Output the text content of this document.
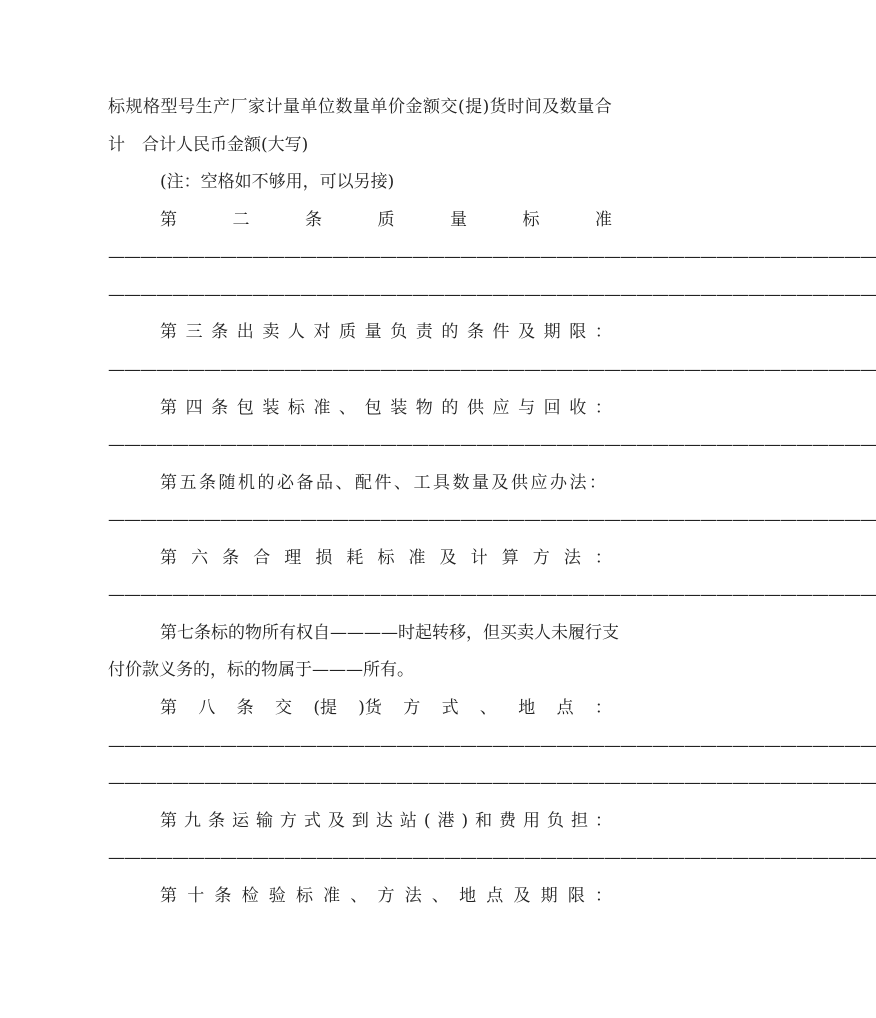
标 规 格 型 号 生 产 厂 家 计 量 单 位 数 量 单 价 金 额 交 ( 提 ) 货 时 间 及 数 量 合
计　合计人民币金额(大写)
(注：空格如不够用，可以另接)
第	二	条	质	量	标	准
————————————————————————————————————————————————
————————————————————————————————————————————————
第 三 条 出 卖 人 对 质 量 负 责 的 条 件 及 期 限 ：
————————————————————————————————————————————————
第 四 条 包 装 标 准 、 包 装 物 的 供 应 与 回 收 ：
————————————————————————————————————————————————
第 五 条 随 机 的 必 备 品 、 配 件 、 工 具 数 量 及 供 应 办 法 ：
————————————————————————————————————————————————
第 六 条 合 理 损 耗 标 准 及 计 算 方 法 ：
————————————————————————————————————————————————
第七条标的物所有权自————时起转移，但买卖人未履行支
付价款义务的，标的物属于———所有。
第 八 条 交 (提 )货 方 式 、 地 点 ：
————————————————————————————————————————————————
————————————————————————————————————————————————
第 九 条 运 输 方 式 及 到 达 站 ( 港 ) 和 费 用 负 担 ：
————————————————————————————————————————————————
第 十 条 检 验 标 准 、 方 法 、 地 点 及 期 限 ：
